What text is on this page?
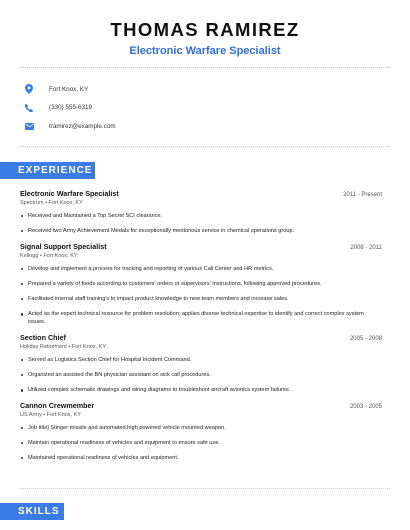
THOMAS RAMIREZ
Electronic Warfare Specialist
Fort Knox, KY
(330) 555-6319
tramirez@example.com
EXPERIENCE
Electronic Warfare Specialist	2011 - Present
Spectrum • Fort Knox, KY
Received and Maintained a Top Secret SCI clearance.
Received two Army Achievement Medals for exceptionally meritorious service in chemical operations group.
Signal Support Specialist	2008 - 2011
Kellogg • Fort Knox, KY
Develop and implement a process for tracking and reporting of various Call Center and HR metrics.
Prepared a variety of foods according to customers' orders or supervisors' instructions, following approved procedures.
Facilitated internal staff training's to impact product knowledge to new team members and increase sales.
Acted as the expert technical resource for problem resolution; applies diverse technical expertise to identify and correct complex system issues.
Section Chief	2005 - 2008
Holiday Retirement • Fort Knox, KY
Served as Logistics Section Chief for Hospital Incident Command.
Organized an assisted the BN physician assistant on sick call procedures.
Utilized complex schematic drawings and wiring diagrams to troubleshoot aircraft avionics system failures.
Cannon Crewmember	2003 - 2005
US Army • Fort Knox, KY
Job title] Stinger missile and automated high powered vehicle mounted weapon.
Maintain operational readiness of vehicles and equipment to ensure safe use.
Maintained operational readiness of vehicles and equipment.
SKILLS
